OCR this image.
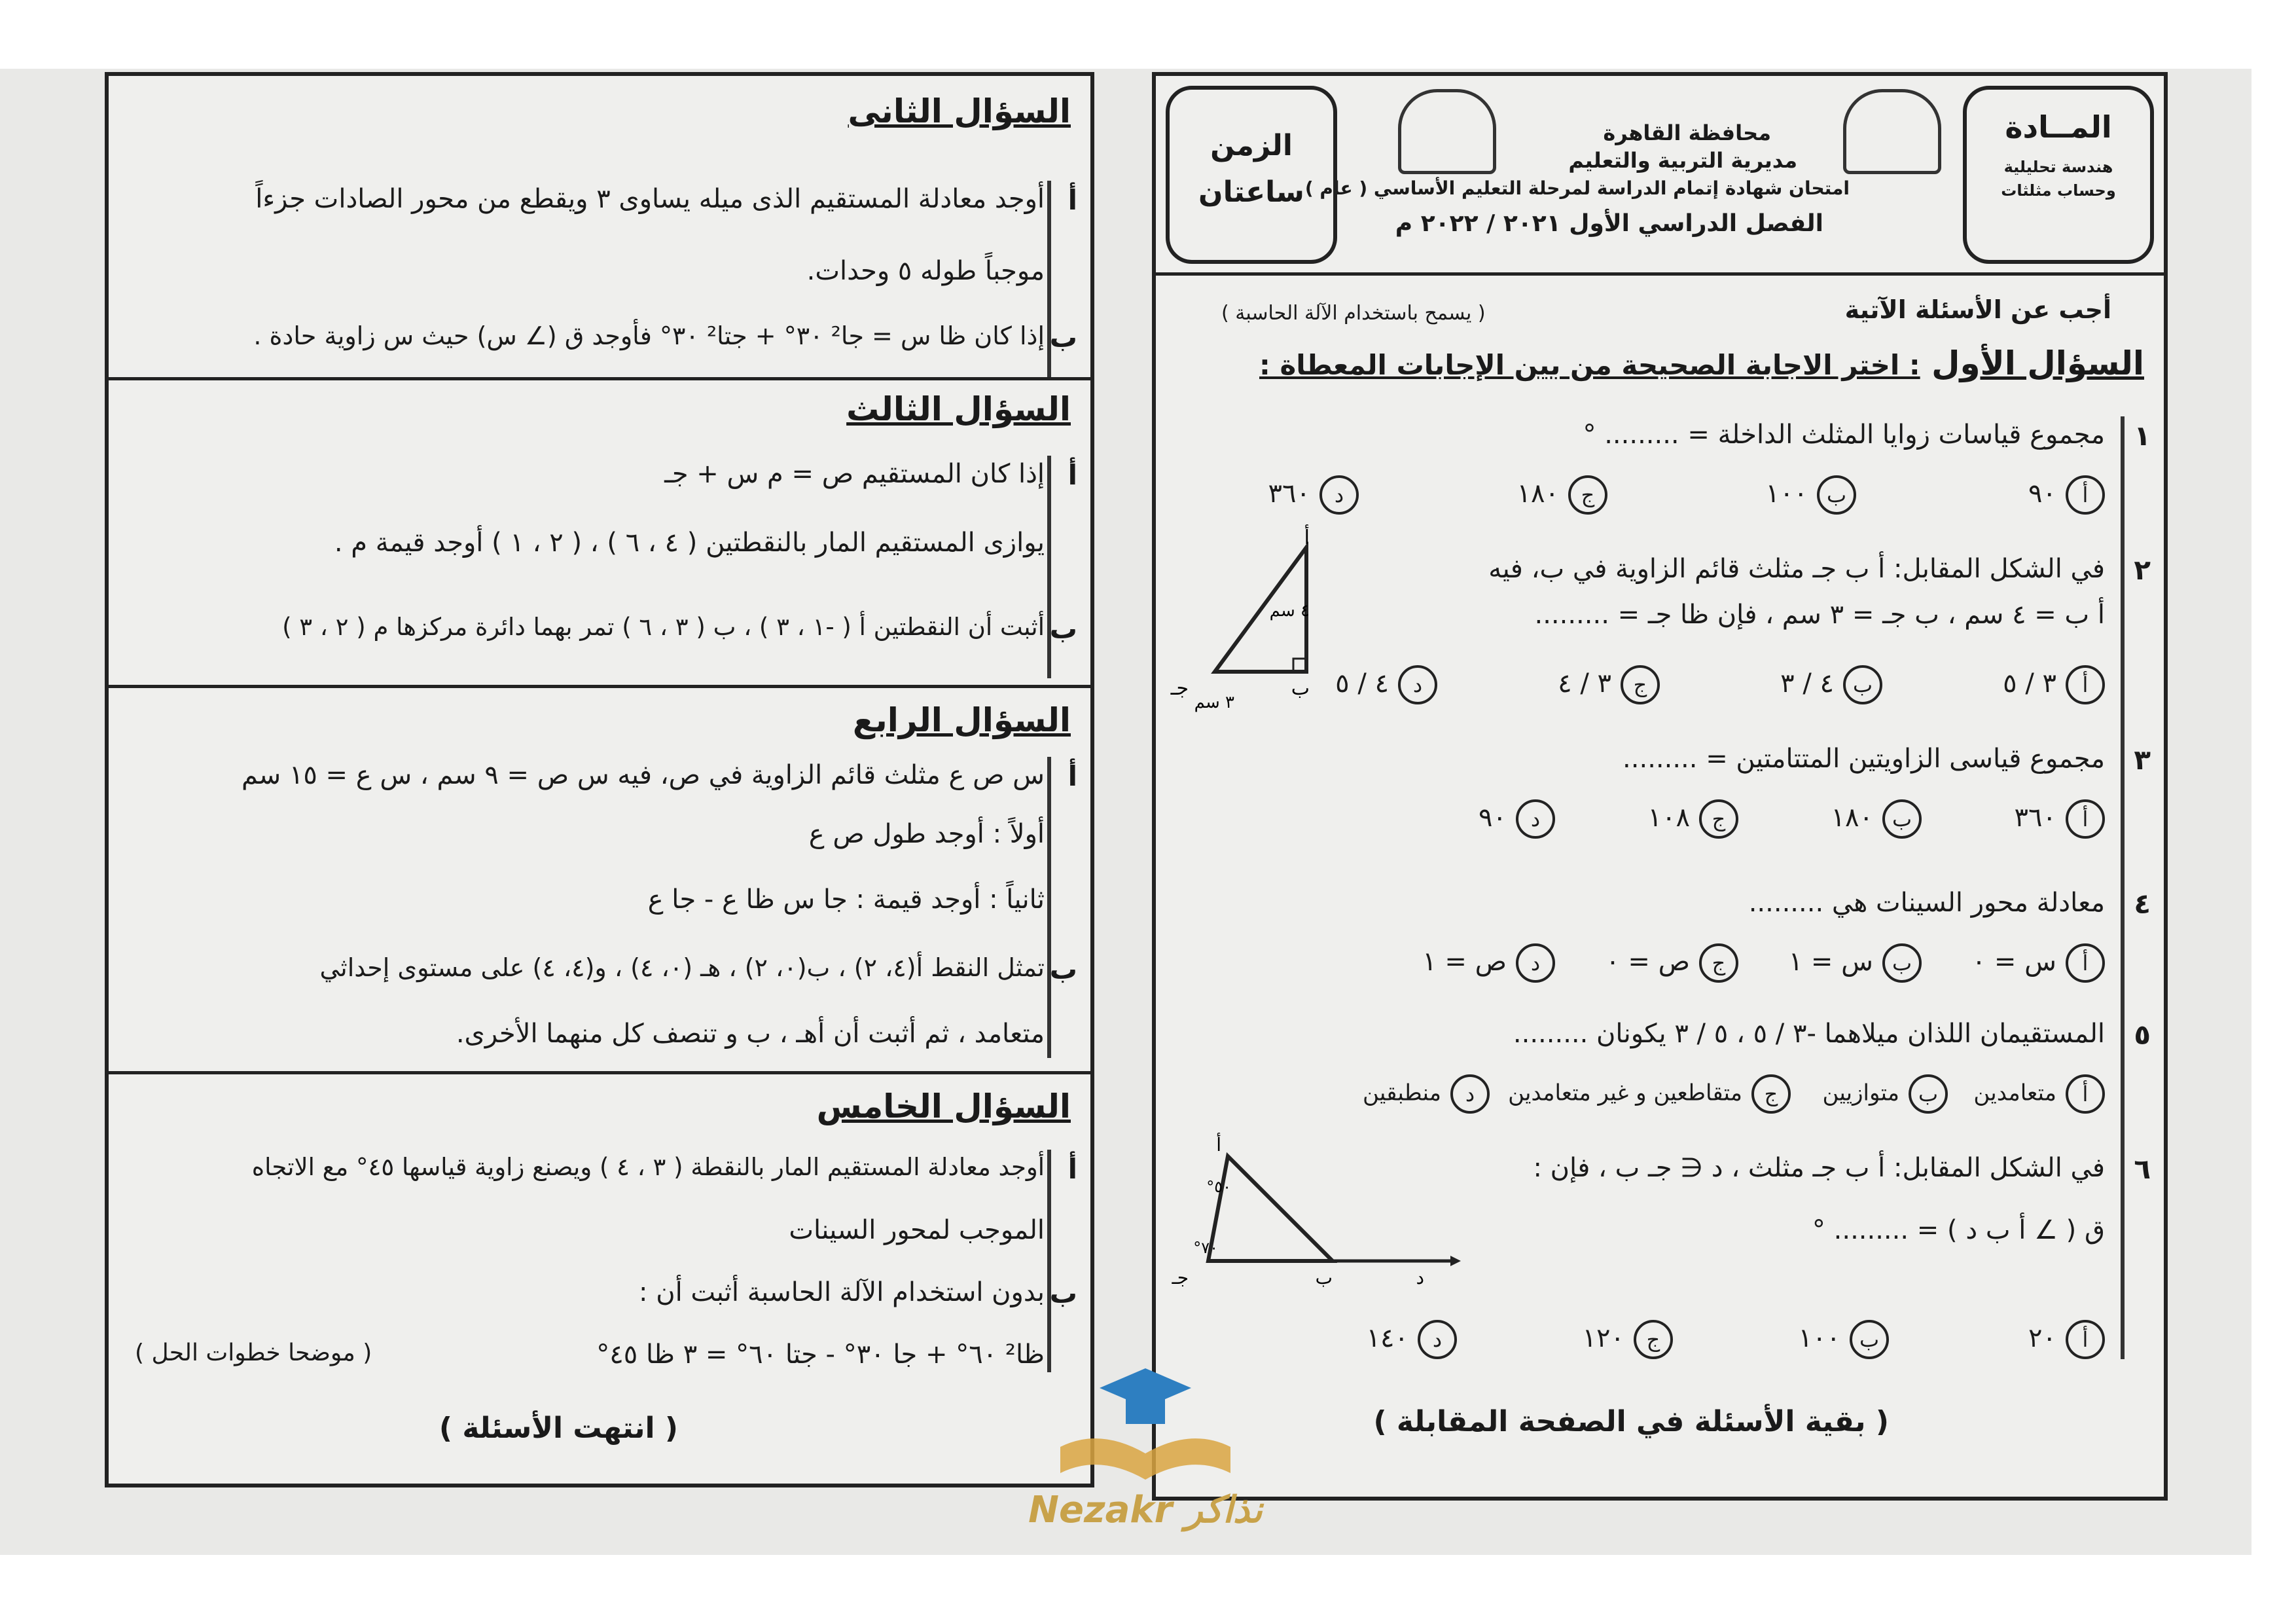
المــادة
هندسة تحليلية
وحساب مثلثات
محافظة القاهرة
مديرية التربية والتعليم
امتحان شهادة إتمام الدراسة لمرحلة التعليم الأساسي ( عام )
الفصل الدراسي الأول ٢٠٢١ / ٢٠٢٢ م
الزمن
ساعتان
أجب عن الأسئلة الآتية
( يسمح باستخدام الآلة الحاسبة )
السؤال الأول : اختر الاجابة الصحيحة من بين الإجابات المعطاة :
١
مجموع قياسات زوايا المثلث الداخلة = ......... °
أ٩٠
ب١٠٠
ج١٨٠
د٣٦٠
٢
في الشكل المقابل: أ ب جـ مثلث قائم الزاوية في ب، فيه
أ ب = ٤ سم ، ب جـ = ٣ سم ، فإن ظا جـ = .........
أ
ب
جـ
٤ سم
٣ سم
أ٣ / ٥
ب٤ / ٣
ج٣ / ٤
د٤ / ٥
٣
مجموع قياسى الزاويتين المتتامتين = .........
أ٣٦٠
ب١٨٠
ج١٠٨
د٩٠
٤
معادلة محور السينات هي .........
أس = ٠
بس = ١
جص = ٠
دص = ١
٥
المستقيمان اللذان ميلاهما -٣ / ٥ ، ٥ / ٣ يكونان .........
أمتعامدين
بمتوازيين
جمتقاطعين و غير متعامدين
دمنطبقين
٦
في الشكل المقابل: أ ب جـ مثلث ، د ∈ جـ ب ، فإن :
ق ( ∠ أ ب د ) = ......... °
أ
جـ	ب	د
٥٠°
٧٠°
أ٢٠
ب١٠٠
ج١٢٠
د١٤٠
( بقية الأسئلة في الصفحة المقابلة )
السؤال الثانى
أ
أوجد معادلة المستقيم الذى ميله يساوى ٣ ويقطع من محور الصادات جزءاً
موجباً طوله ٥ وحدات.
ب
إذا كان ظا س = جا² ٣٠° + جتا² ٣٠° فأوجد ق (∠ س) حيث س زاوية حادة .
السؤال الثالث
أ
إذا كان المستقيم ص = م س + جـ
يوازى المستقيم المار بالنقطتين ( ٤ ، ٦ ) ، ( ٢ ، ١ ) أوجد قيمة م .
ب
أثبت أن النقطتين أ ( -١ ، ٣ ) ، ب ( ٣ ، ٦ ) تمر بهما دائرة مركزها م ( ٢ ، ٣ )
السؤال الرابع
أ
س ص ع مثلث قائم الزاوية في ص، فيه س ص = ٩ سم ، س ع = ١٥ سم
أولاً : أوجد طول ص ع
ثانياً : أوجد قيمة : جا س ظا ع - جا ع
ب
تمثل النقط أ(٤، ٢) ، ب(٠، ٢) ، هـ (٠، ٤) ، و(٤، ٤) على مستوى إحداثي
متعامد ، ثم أثبت أن أهـ ، ب و تنصف كل منهما الأخرى.
السؤال الخامس
أ
أوجد معادلة المستقيم المار بالنقطة ( ٣ ، ٤ ) ويصنع زاوية قياسها ٤٥° مع الاتجاه
الموجب لمحور السينات
ب
بدون استخدام الآلة الحاسبة أثبت أن :
ظا² ٦٠° + جا ٣٠° - جتا ٦٠° = ٣ ظا ٤٥°
( موضحا خطوات الحل )
( انتهت الأسئلة )
Nezakr نذاكر
